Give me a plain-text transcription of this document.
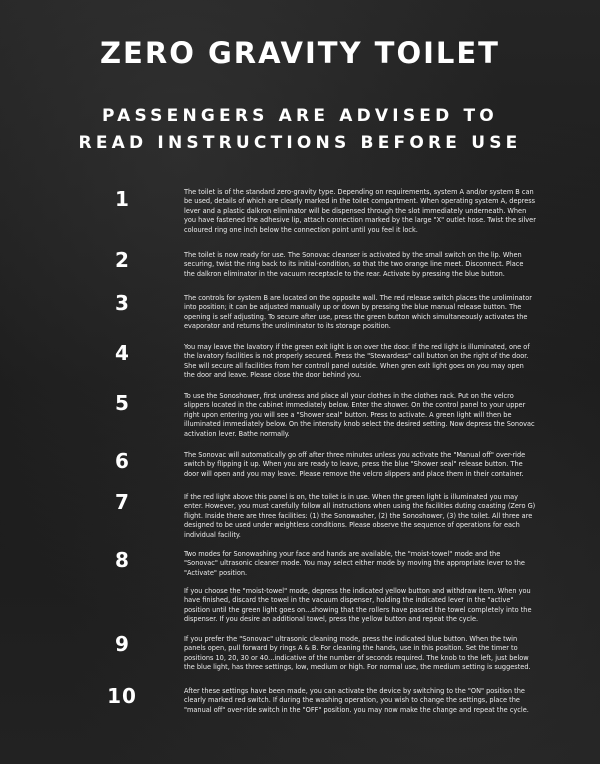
ZERO GRAVITY TOILET
PASSENGERS ARE ADVISED TO
READ INSTRUCTIONS BEFORE USE
1	The toilet is of the standard zero-gravity type. Depending on requirements, system A and/or system B can be used, details of which are clearly marked in the toilet compartment. When operating system A, depress lever and a plastic dalkron eliminator will be dispensed through the slot immediately underneath. When you have fastened the adhesive lip, attach connection marked by the large "X" outlet hose. Twist the silver coloured ring one inch below the connection point until you feel it lock.
2	The toilet is now ready for use. The Sonovac cleanser is activated by the small switch on the lip. When securing, twist the ring back to its initial-condition, so that the two orange line meet. Disconnect. Place the dalkron eliminator in the vacuum receptacle to the rear. Activate by pressing the blue button.
3	The controls for system B are located on the opposite wall. The red release switch places the uroliminator into position; it can be adjusted manually up or down by pressing the blue manual release button. The opening is self adjusting. To secure after use, press the green button which simultaneously activates the evaporator and returns the uroliminator to its storage position.
4	You may leave the lavatory if the green exit light is on over the door. If the red light is illuminated, one of the lavatory facilities is not properly secured. Press the "Stewardess" call button on the right of the door. She will secure all facilities from her controll panel outside. When gren exit light goes on you may open the door and leave. Please close the door behind you.
5	To use the Sonoshower, first undress and place all your clothes in the clothes rack. Put on the velcro slippers located in the cabinet immediately below. Enter the shower. On the control panel to your upper right upon entering you will see a "Shower seal" button. Press to activate. A green light will then be illuminated immediately below. On the intensity knob select the desired setting. Now depress the Sonovac activation lever. Bathe normally.
6	The Sonovac will automatically go off after three minutes unless you activate the "Manual off" over-ride switch by flipping it up. When you are ready to leave, press the blue "Shower seal" release button. The door will open and you may leave. Please remove the velcro slippers and place them in their container.
7	If the red light above this panel is on, the toilet is in use. When the green light is illuminated you may enter. However, you must carefully follow all instructions when using the facilities duting coasting (Zero G) flight. Inside there are three facilities: (1) the Sonowasher, (2) the Sonoshower, (3) the toilet. All three are designed to be used under weightless conditions. Please observe the sequence of operations for each individual facility.
8	Two modes for Sonowashing your face and hands are available, the "moist-towel" mode and the "Sonovac" ultrasonic cleaner mode. You may select either mode by moving the appropriate lever to the "Activate" position.
If you choose the "moist-towel" mode, depress the indicated yellow button and withdraw item. When you have finished, discard the towel in the vacuum dispenser, holding the indicated lever in the "active" position until the green light goes on...showing that the rollers have passed the towel completely into the dispenser. If you desire an additional towel, press the yellow button and repeat the cycle.
9	If you prefer the "Sonovac" ultrasonic cleaning mode, press the indicated blue button. When the twin panels open, pull forward by rings A & B. For cleaning the hands, use in this position. Set the timer to positions 10, 20, 30 or 40...indicative of the number of seconds required. The knob to the left, just below the blue light, has three settings, low, medium or high. For normal use, the medium setting is suggested.
10	After these settings have been made, you can activate the device by switching to the "ON" position the clearly marked red switch. If during the washing operation, you wish to change the settings, place the "manual off" over-ride switch in the "OFF" position. you may now make the change and repeat the cycle.
